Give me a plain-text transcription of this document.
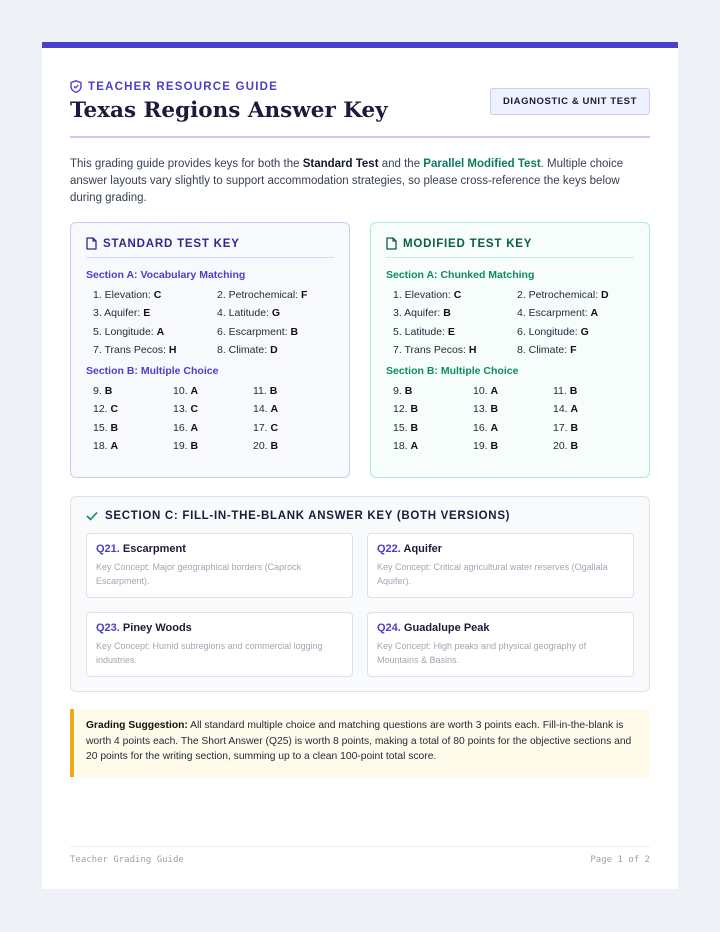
TEACHER RESOURCE GUIDE
Texas Regions Answer Key	DIAGNOSTIC & UNIT TEST

This grading guide provides keys for both the Standard Test and the Parallel Modified Test. Multiple choice answer layouts vary slightly to support accommodation strategies, so please cross-reference the keys below during grading.

STANDARD TEST KEY
Section A: Vocabulary Matching
1. Elevation: C	2. Petrochemical: F
3. Aquifer: E	4. Latitude: G
5. Longitude: A	6. Escarpment: B
7. Trans Pecos: H	8. Climate: D
Section B: Multiple Choice
9. B	10. A	11. B
12. C	13. C	14. A
15. B	16. A	17. C
18. A	19. B	20. B
MODIFIED TEST KEY
Section A: Chunked Matching
1. Elevation: C	2. Petrochemical: D
3. Aquifer: B	4. Escarpment: A
5. Latitude: E	6. Longitude: G
7. Trans Pecos: H	8. Climate: F
Section B: Multiple Choice
9. B	10. A	11. B
12. B	13. B	14. A
15. B	16. A	17. B
18. A	19. B	20. B
SECTION C: FILL-IN-THE-BLANK ANSWER KEY (BOTH VERSIONS)
Q21. Escarpment
Key Concept: Major geographical borders (Caprock Escarpment).
Q22. Aquifer
Key Concept: Critical agricultural water reserves (Ogallala Aquifer).
Q23. Piney Woods
Key Concept: Humid subregions and commercial logging industries.
Q24. Guadalupe Peak
Key Concept: High peaks and physical geography of Mountains & Basins.
Grading Suggestion: All standard multiple choice and matching questions are worth 3 points each. Fill-in-the-blank is worth 4 points each. The Short Answer (Q25) is worth 8 points, making a total of 80 points for the objective sections and 20 points for the writing section, summing up to a clean 100-point total score.
Teacher Grading Guide	Page 1 of 2
